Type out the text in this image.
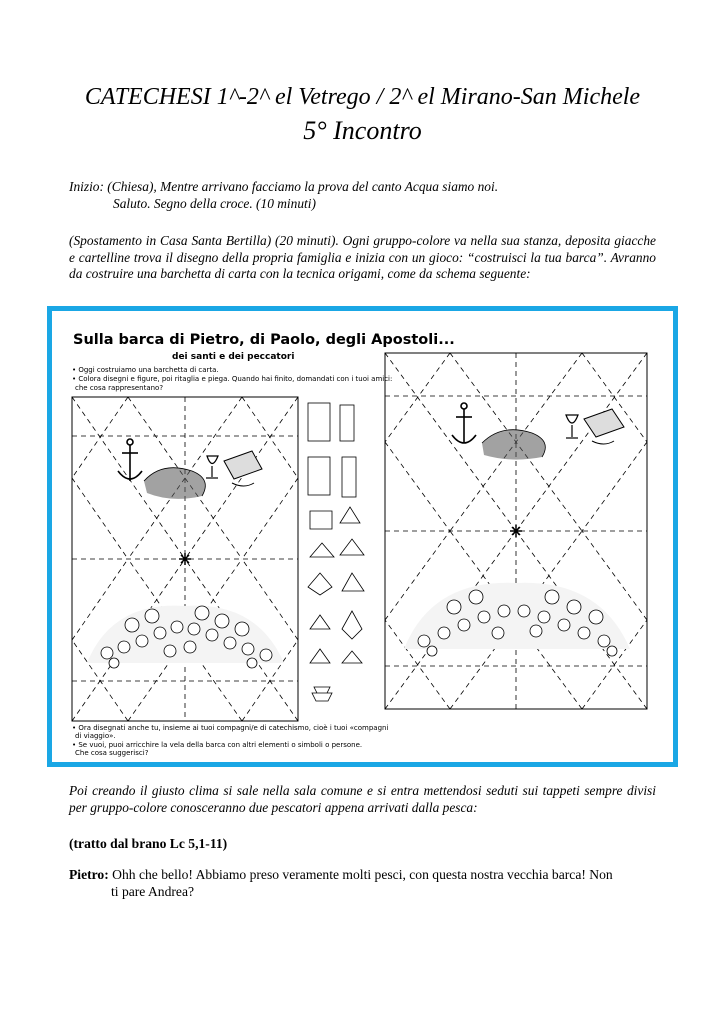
CATECHESI 1^-2^ el Vetrego / 2^ el Mirano-San Michele
5° Incontro
Inizio: (Chiesa), Mentre arrivano facciamo la prova del canto Acqua siamo noi.
Saluto. Segno della croce. (10 minuti)
(Spostamento in Casa Santa Bertilla) (20 minuti). Ogni gruppo-colore va nella sua stanza, deposita giacche e cartelline trova il disegno della propria famiglia e inizia con un gioco: “costruisci la tua barca”. Avranno da costruire una barchetta di carta con la tecnica origami, come da schema seguente:
Sulla barca di Pietro, di Paolo, degli Apostoli...
dei santi e dei peccatori
• Oggi costruiamo una barchetta di carta.
• Colora disegni e figure, poi ritaglia e piega. Quando hai finito, domandati con i tuoi amici:
che cosa rappresentano?
• Ora disegnati anche tu, insieme ai tuoi compagni/e di catechismo, cioè i tuoi «compagni
di viaggio».
• Se vuoi, puoi arricchire la vela della barca con altri elementi o simboli o persone.
Che cosa suggerisci?
Poi creando il giusto clima si sale nella sala comune e si entra mettendosi seduti sui tappeti sempre divisi per gruppo-colore conosceranno due pescatori appena arrivati dalla pesca:
(tratto dal brano Lc 5,1-11)
Pietro: Ohh che bello! Abbiamo preso veramente molti pesci, con questa nostra vecchia barca! Non
ti pare Andrea?
